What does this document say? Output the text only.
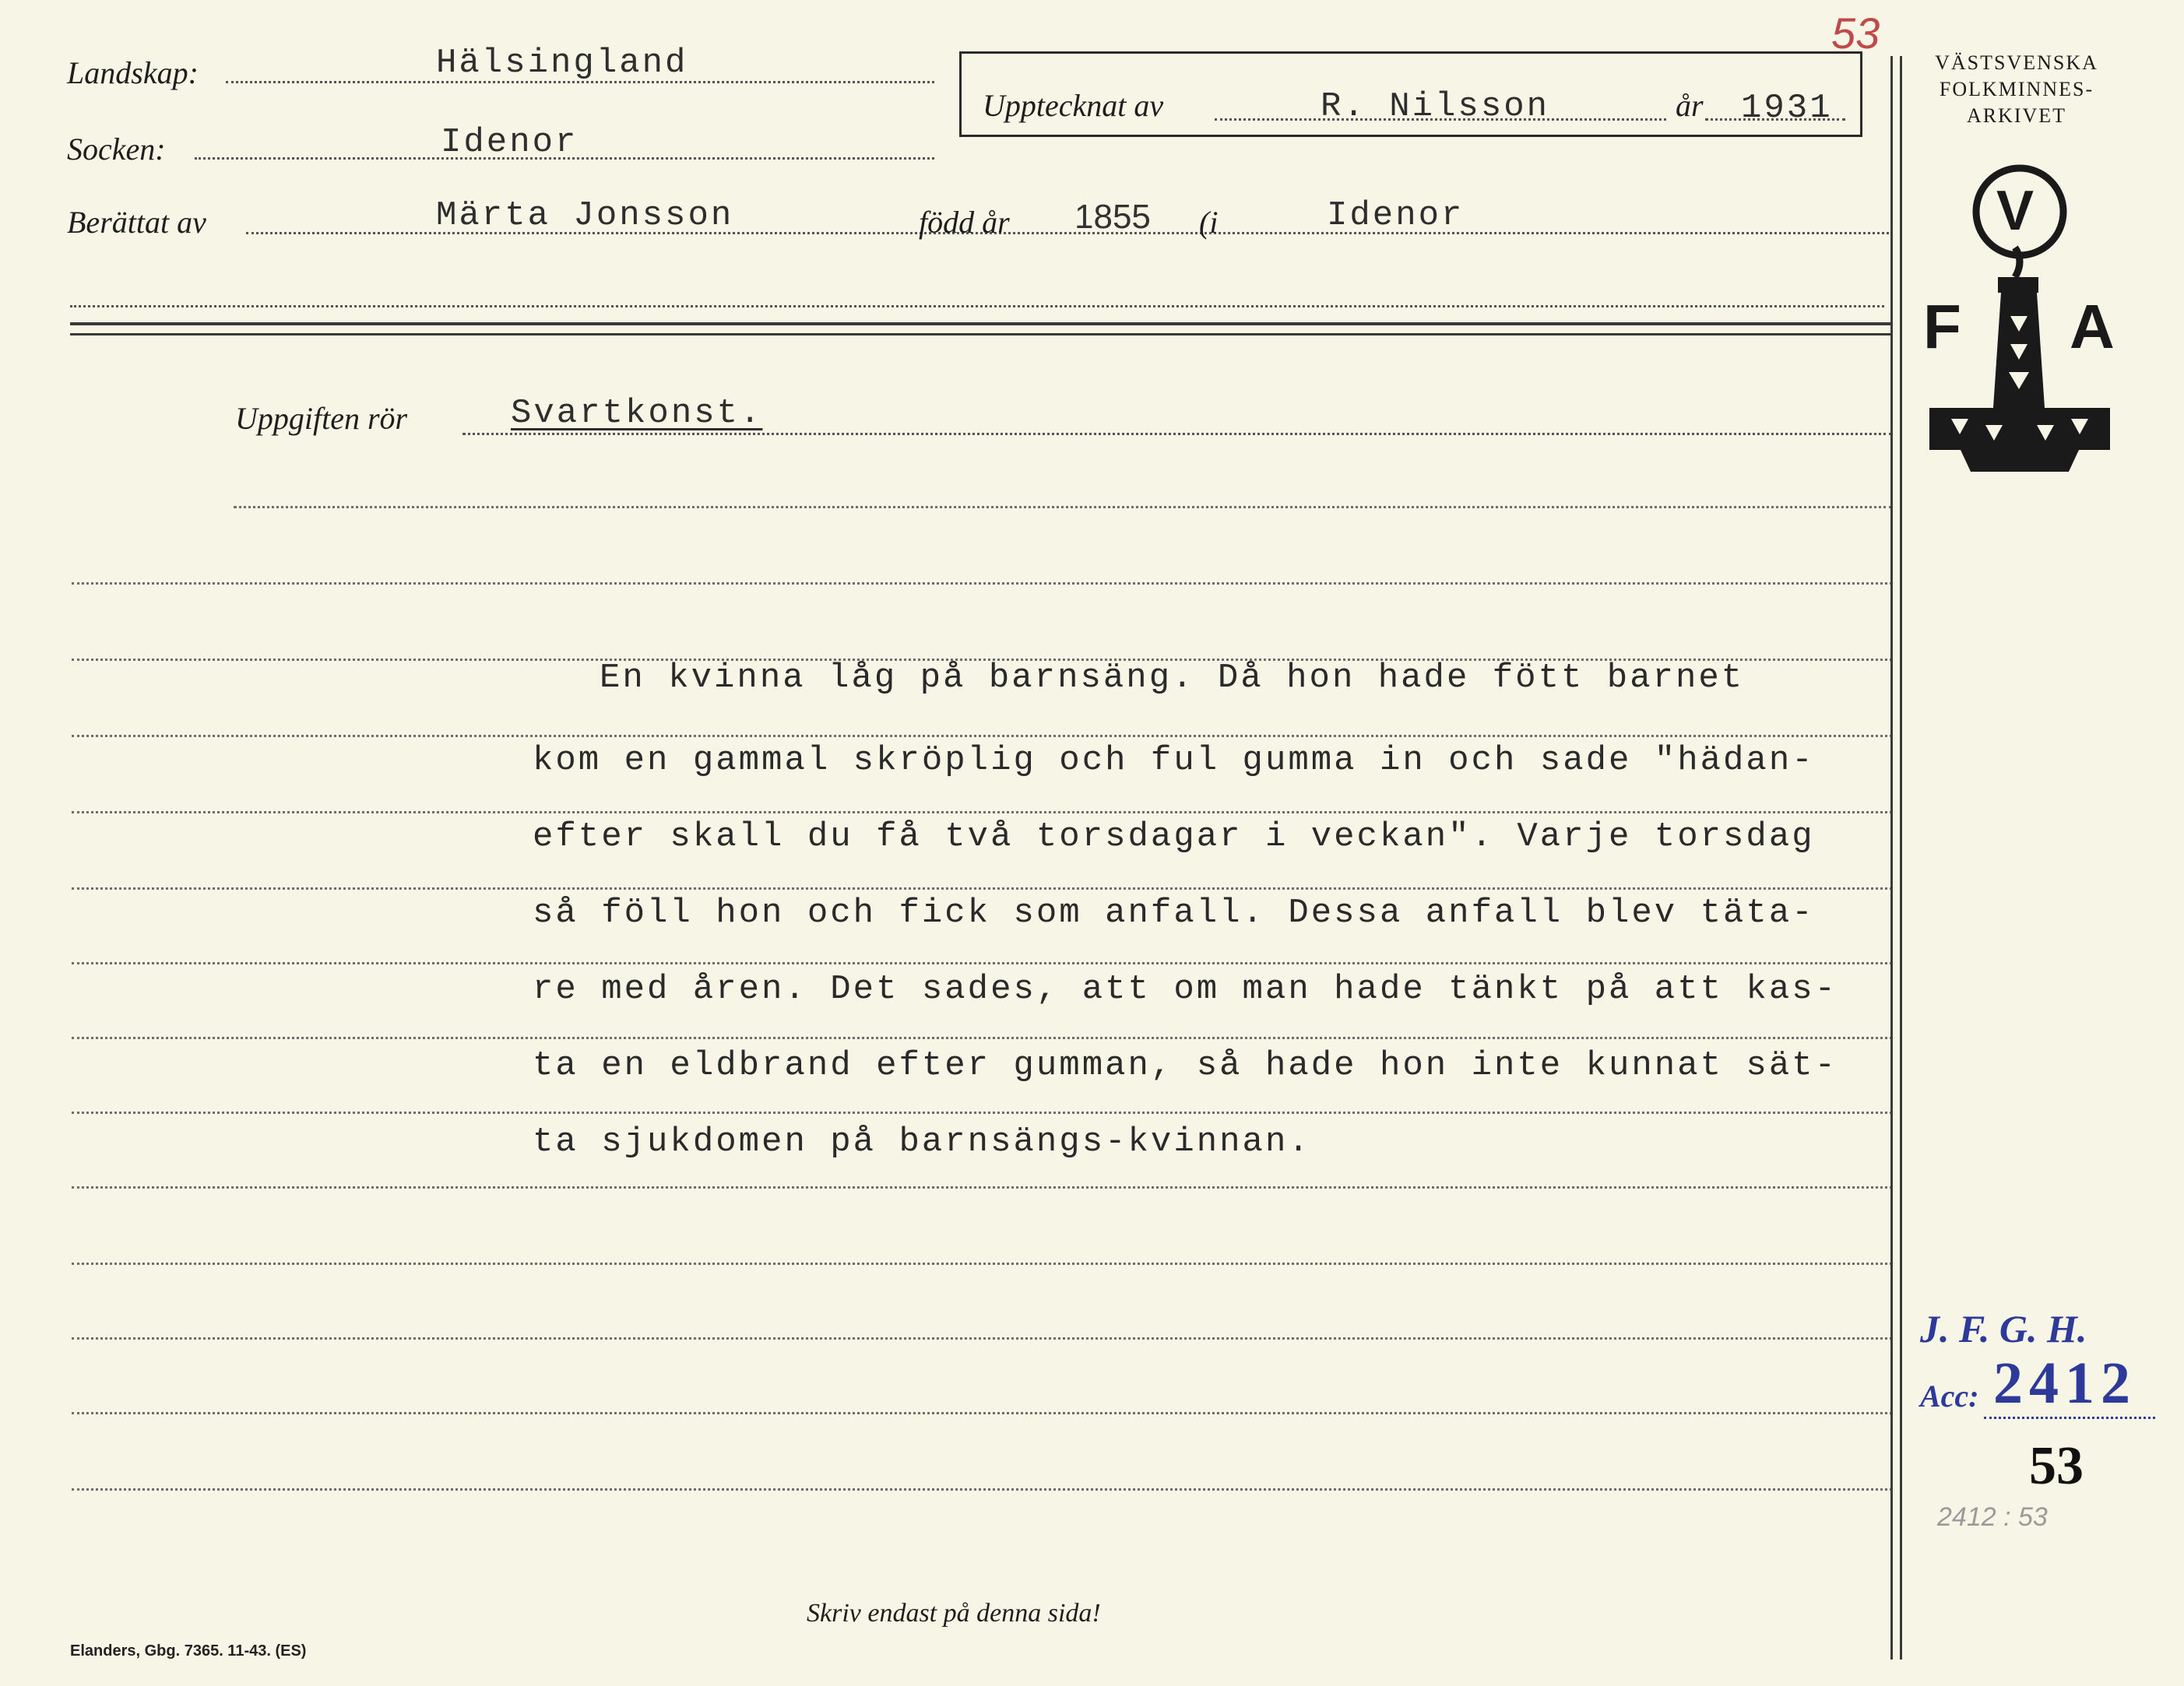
Landskap:	Hälsingland
Socken:	Idenor
Upptecknat av	R. Nilsson	år 1931
53
Berättat av	Märta Jonsson	född år 1855 (i	Idenor
Uppgiften rör	Svartkonst.
En kvinna låg på barnsäng. Då hon hade fött barnet
kom en gammal skröplig och ful gumma in och sade "hädan-
efter skall du få två torsdagar i veckan". Varje torsdag
så föll hon och fick som anfall. Dessa anfall blev täta-
re med åren. Det sades, att om man hade tänkt på att kas-
ta en eldbrand efter gumman, så hade hon inte kunnat sät-
ta sjukdomen på barnsängs-kvinnan.
VÄSTSVENSKA
FOLKMINNES-
ARKIVET
V
F A
J. F. G. H.
Acc: 2412
53
2412 : 53
Skriv endast på denna sida!
Elanders, Gbg. 7365. 11-43. (ES)
